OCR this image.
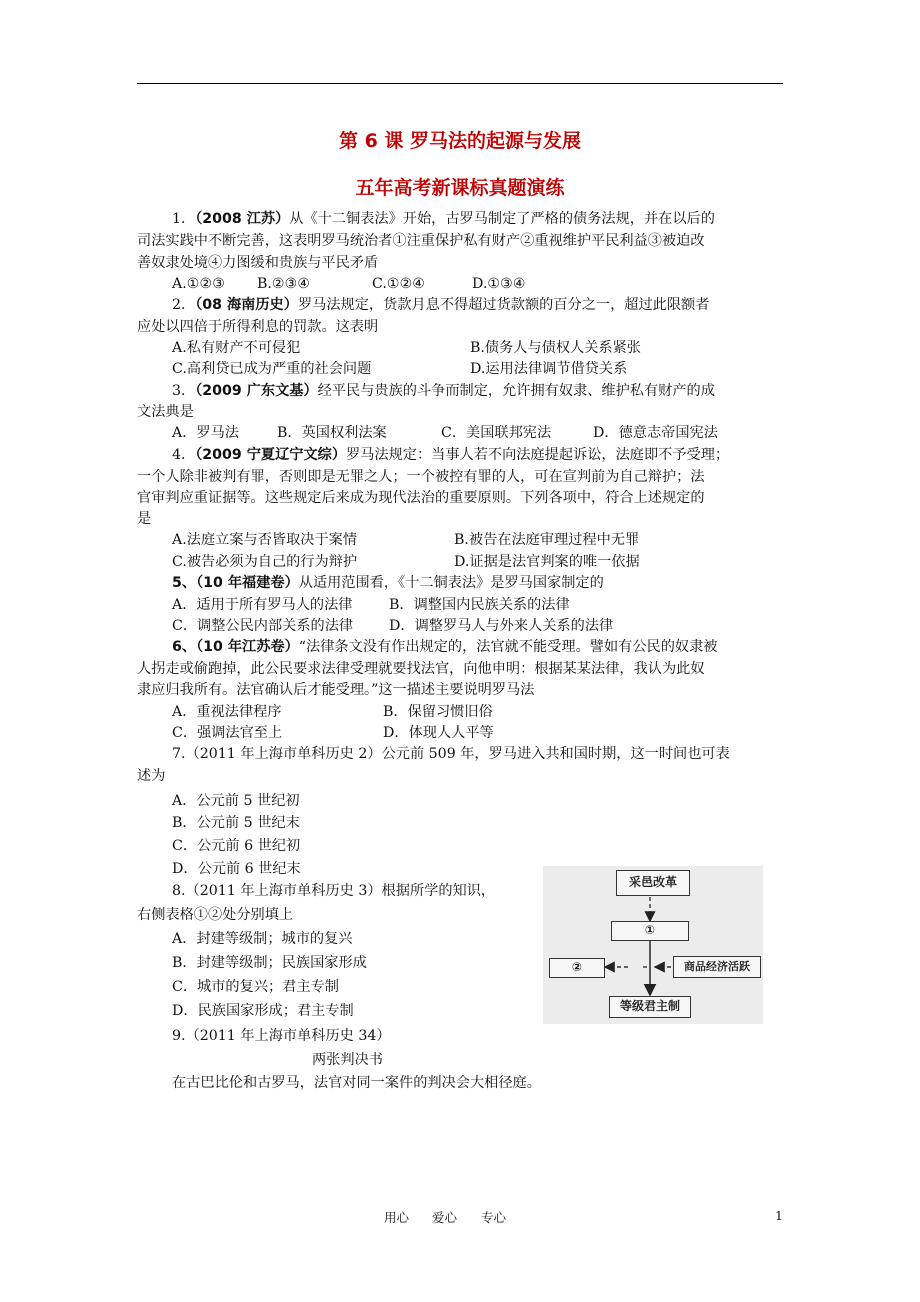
第 6 课 罗马法的起源与发展
五年高考新课标真题演练
1．（2008 江苏）从《十二铜表法》开始，古罗马制定了严格的债务法规，并在以后的
司法实践中不断完善，这表明罗马统治者①注重保护私有财产②重视维护平民利益③被迫改
善奴隶处境④力图缓和贵族与平民矛盾
A.①②③ B.②③④	C.①②④	D.①③④
2．（08 海南历史）罗马法规定，货款月息不得超过货款额的百分之一，超过此限额者
应处以四倍于所得利息的罚款。这表明
A.私有财产不可侵犯	B.债务人与债权人关系紧张
C.高利贷已成为严重的社会问题	D.运用法律调节借贷关系
3．（2009 广东文基）经平民与贵族的斗争而制定，允许拥有奴隶、维护私有财产的成
文法典是
A．罗马法	B．英国权利法案	C．美国联邦宪法	D．德意志帝国宪法
4．（2009 宁夏辽宁文综）罗马法规定：当事人若不向法庭提起诉讼，法庭即不予受理；
一个人除非被判有罪，否则即是无罪之人；一个被控有罪的人，可在宣判前为自己辩护；法
官审判应重证据等。这些规定后来成为现代法治的重要原则。下列各项中，符合上述规定的
是
A.法庭立案与否皆取决于案情	B.被告在法庭审理过程中无罪
C.被告必须为自己的行为辩护	D.证据是法官判案的唯一依据
5、（10 年福建卷）从适用范围看，《十二铜表法》是罗马国家制定的
A．适用于所有罗马人的法律	B．调整国内民族关系的法律
C．调整公民内部关系的法律	D．调整罗马人与外来人关系的法律
6、（10 年江苏卷）“法律条文没有作出规定的，法官就不能受理。譬如有公民的奴隶被
人拐走或偷跑掉，此公民要求法律受理就要找法官，向他申明：根据某某法律，我认为此奴
隶应归我所有。法官确认后才能受理。”这一描述主要说明罗马法
A．重视法律程序	B．保留习惯旧俗
C．强调法官至上	D．体现人人平等
7.（2011 年上海市单科历史 2）公元前 509 年，罗马进入共和国时期，这一时间也可表
述为
A．公元前 5 世纪初
B．公元前 5 世纪末
C．公元前 6 世纪初
D．公元前 6 世纪末
8.（2011 年上海市单科历史 3）根据所学的知识，
右侧表格①②处分别填上
A．封建等级制；城市的复兴
B．封建等级制；民族国家形成
C．城市的复兴；君主专制
D．民族国家形成；君主专制
采邑改革
①
②	商品经济活跃
等级君主制
9.（2011 年上海市单科历史 34）
两张判决书
在古巴比伦和古罗马，法官对同一案件的判决会大相径庭。
用心 爱心 专心	1
